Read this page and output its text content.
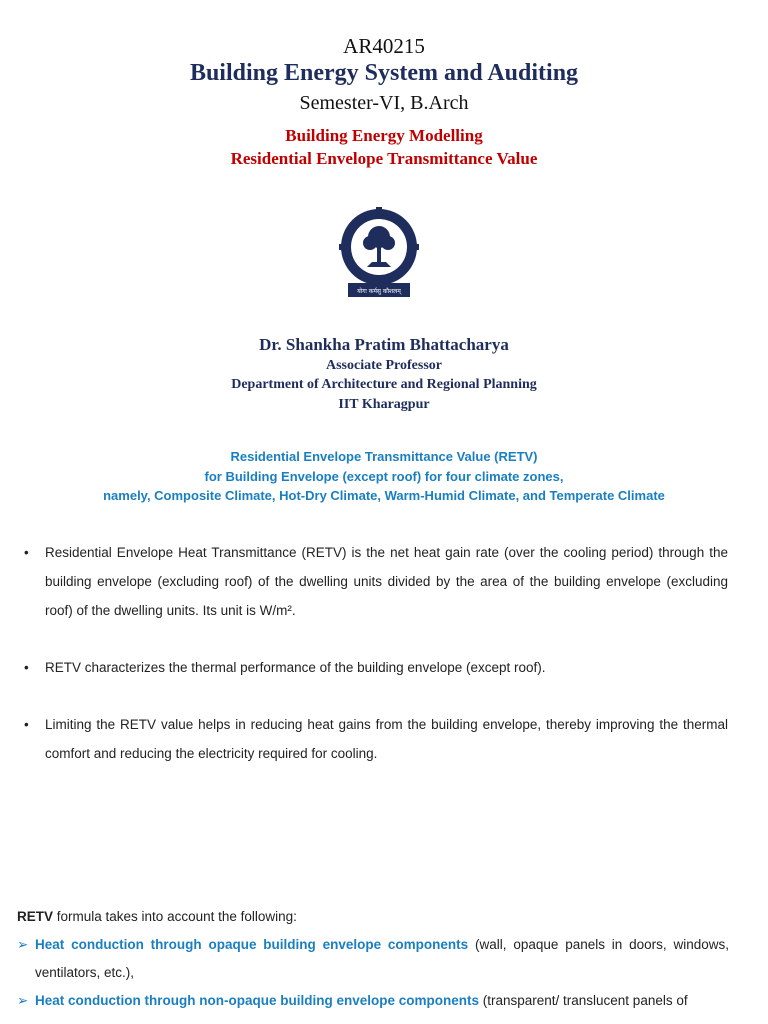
AR40215
Building Energy System and Auditing
Semester-VI, B.Arch
Building Energy Modelling
Residential Envelope Transmittance Value
योगः कर्मसु कौशलम्
Dr. Shankha Pratim Bhattacharya
Associate Professor
Department of Architecture and Regional Planning
IIT Kharagpur
Residential Envelope Transmittance Value (RETV)
for Building Envelope (except roof) for four climate zones,
namely, Composite Climate, Hot-Dry Climate, Warm-Humid Climate, and Temperate Climate
• Residential Envelope Heat Transmittance (RETV) is the net heat gain rate (over the cooling period) through the building envelope (excluding roof) of the dwelling units divided by the area of the building envelope (excluding roof) of the dwelling units. Its unit is W/m².
• RETV characterizes the thermal performance of the building envelope (except roof).
• Limiting the RETV value helps in reducing heat gains from the building envelope, thereby improving the thermal comfort and reducing the electricity required for cooling.
RETV formula takes into account the following:
➢ Heat conduction through opaque building envelope components (wall, opaque panels in doors, windows, ventilators, etc.),
➢ Heat conduction through non-opaque building envelope components (transparent/ translucent panels of
